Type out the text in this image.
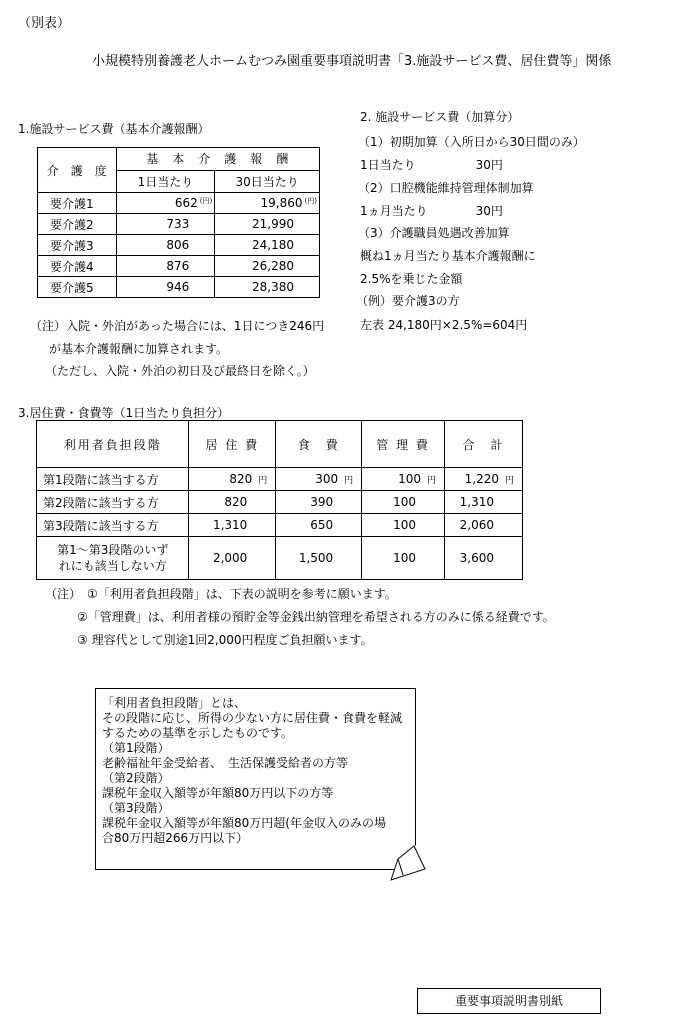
（別表）
小規模特別養護老人ホームむつみ園重要事項説明書「3.施設サービス費、居住費等」関係
1.施設サービス費（基本介護報酬）
介　護　度	基　本　介　護　報　酬	
	1日当たり	30日当たり
要介護1	662 $^{(円)}$	19,860 $^{(円)}$
要介護2	733	21,990
要介護3	806	24,180
要介護4	876	26,280
要介護5	946	28,380
（注）入院・外泊があった場合には、1日につき246円
が基本介護報酬に加算されます。
（ただし、入院・外泊の初日及び最終日を除く。）
2. 施設サービス費（加算分）
（1）初期加算（入所日から30日間のみ）
1日当たり　　　　　30円
（2）口腔機能維持管理体制加算
1ヵ月当たり　　　　30円
（3）介護職員処遇改善加算
概ね1ヵ月当たり基本介護報酬に
2.5%を乗じた金額
（例）要介護3の方
左表 24,180円×2.5%=604円
3.居住費・食費等（1日当たり負担分）
利用者負担段階	居 住 費	食　費	管 理 費	合　計
第1段階に該当する方	820 円	300 円	100 円	1,220 円
第2段階に該当する方	820	390	100	1,310
第3段階に該当する方	1,310	650	100	2,060

第1～第3段階のいず
れにも該当しない方	2,000	1,500	100	3,600
（注）　①「利用者負担段階」は、下表の説明を参考に願います。
②「管理費」は、利用者様の預貯金等金銭出納管理を希望される方のみに係る経費です。
③ 理容代として別途1回2,000円程度ご負担願います。
「利用者負担段階」とは、
その段階に応じ、所得の少ない方に居住費・食費を軽減
するための基準を示したものです。
（第1段階）
老齢福祉年金受給者、　生活保護受給者の方等
（第2段階）
課税年金収入額等が年額80万円以下の方等
（第3段階）
課税年金収入額等が年額80万円超(年金収入のみの場
合80万円超266万円以下）
重要事項説明書別紙
